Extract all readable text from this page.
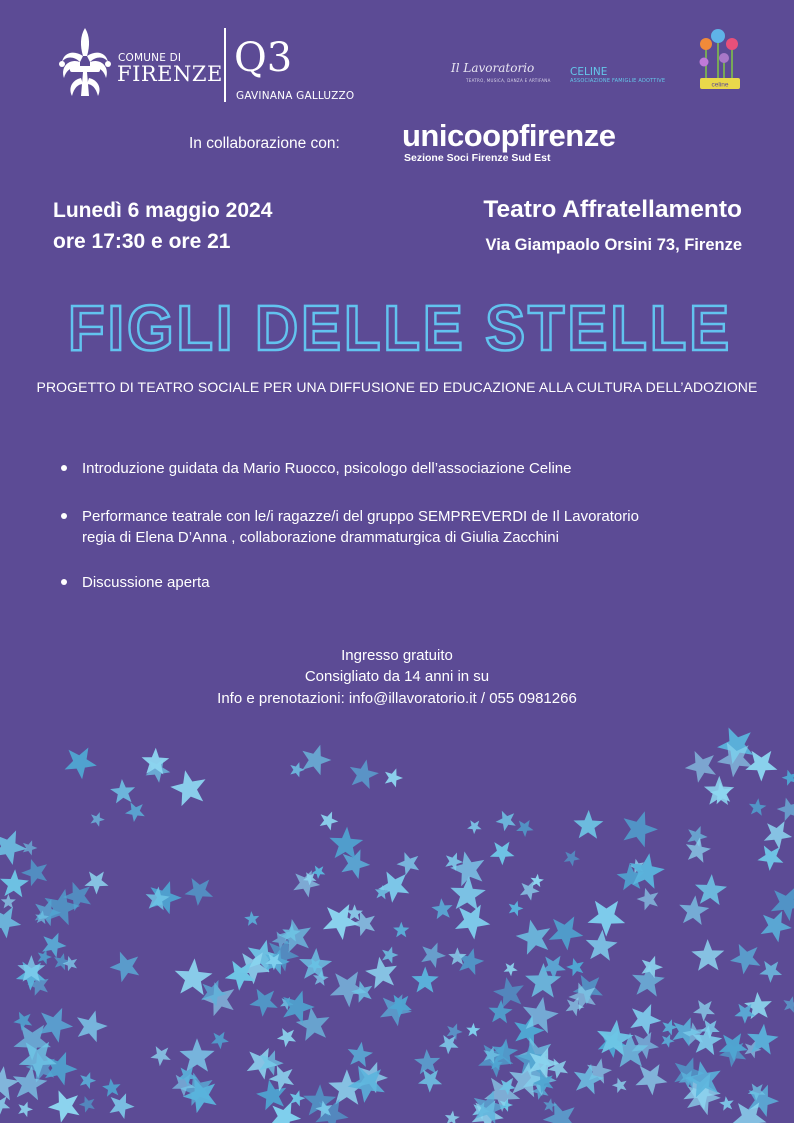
COMUNE DI
FIRENZE Q3
GAVINANA GALLUZZO
Il Lavoratorio
TEATRO, MUSICA, DANZA E ARTIFANA
CELINE
ASSOCIAZIONE FAMIGLIE ADOTTIVE
celine
In collaborazione con: unicoopfirenze
Sezione Soci Firenze Sud Est
Lunedì 6 maggio 2024
ore 17:30 e ore 21
Teatro Affratellamento
Via Giampaolo Orsini 73, Firenze
FIGLI DELLE STELLE
PROGETTO DI TEATRO SOCIALE PER UNA DIFFUSIONE ED EDUCAZIONE ALLA CULTURA DELL’ADOZIONE
Introduzione guidata da Mario Ruocco, psicologo dell’associazione Celine
Performance teatrale con le/i ragazze/i del gruppo SEMPREVERDI de Il Lavoratorio
regia di Elena D’Anna , collaborazione drammaturgica di Giulia Zacchini
Discussione aperta
Ingresso gratuito
Consigliato da 14 anni in su
Info e prenotazioni: info@illavoratorio.it / 055 0981266
